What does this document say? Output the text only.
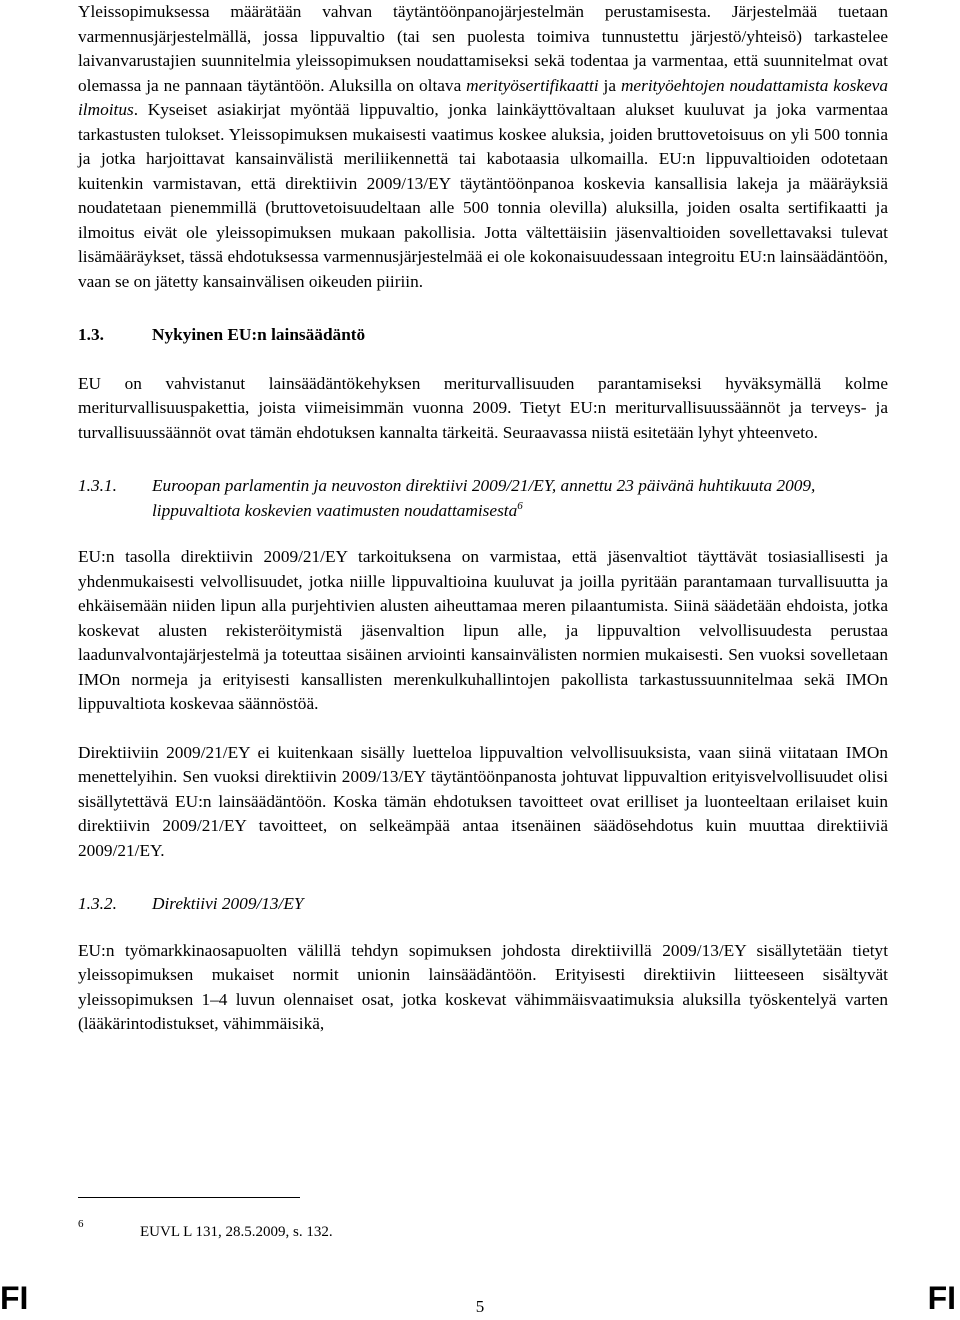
Yleissopimuksessa määrätään vahvan täytäntöönpanojärjestelmän perustamisesta. Järjestelmää tuetaan varmennusjärjestelmällä, jossa lippuvaltio (tai sen puolesta toimiva tunnustettu järjestö/yhteisö) tarkastelee laivanvarustajien suunnitelmia yleissopimuksen noudattamiseksi sekä todentaa ja varmentaa, että suunnitelmat ovat olemassa ja ne pannaan täytäntöön. Aluksilla on oltava merityösertifikaatti ja merityöehtojen noudattamista koskeva ilmoitus. Kyseiset asiakirjat myöntää lippuvaltio, jonka lainkäyttövaltaan alukset kuuluvat ja joka varmentaa tarkastusten tulokset. Yleissopimuksen mukaisesti vaatimus koskee aluksia, joiden bruttovetoisuus on yli 500 tonnia ja jotka harjoittavat kansainvälistä meriliikennettä tai kabotaasia ulkomailla. EU:n lippuvaltioiden odotetaan kuitenkin varmistavan, että direktiivin 2009/13/EY täytäntöönpanoa koskevia kansallisia lakeja ja määräyksiä noudatetaan pienemmillä (bruttovetoisuudeltaan alle 500 tonnia olevilla) aluksilla, joiden osalta sertifikaatti ja ilmoitus eivät ole yleissopimuksen mukaan pakollisia. Jotta vältettäisiin jäsenvaltioiden sovellettavaksi tulevat lisämääräykset, tässä ehdotuksessa varmennusjärjestelmää ei ole kokonaisuudessaan integroitu EU:n lainsäädäntöön, vaan se on jätetty kansainvälisen oikeuden piiriin.

1.3.	Nykyinen EU:n lainsäädäntö

EU on vahvistanut lainsäädäntökehyksen meriturvallisuuden parantamiseksi hyväksymällä kolme meriturvallisuuspakettia, joista viimeisimmän vuonna 2009. Tietyt EU:n meriturvallisuussäännöt ja terveys- ja turvallisuussäännöt ovat tämän ehdotuksen kannalta tärkeitä. Seuraavassa niistä esitetään lyhyt yhteenveto.

1.3.1.	Euroopan parlamentin ja neuvoston direktiivi 2009/21/EY, annettu 23 päivänä huhtikuuta 2009, lippuvaltiota koskevien vaatimusten noudattamisesta$^6$

EU:n tasolla direktiivin 2009/21/EY tarkoituksena on varmistaa, että jäsenvaltiot täyttävät tosiasiallisesti ja yhdenmukaisesti velvollisuudet, jotka niille lippuvaltioina kuuluvat ja joilla pyritään parantamaan turvallisuutta ja ehkäisemään niiden lipun alla purjehtivien alusten aiheuttamaa meren pilaantumista. Siinä säädetään ehdoista, jotka koskevat alusten rekisteröitymistä jäsenvaltion lipun alle, ja lippuvaltion velvollisuudesta perustaa laadunvalvontajärjestelmä ja toteuttaa sisäinen arviointi kansainvälisten normien mukaisesti. Sen vuoksi sovelletaan IMOn normeja ja erityisesti kansallisten merenkulkuhallintojen pakollista tarkastussuunnitelmaa sekä IMOn lippuvaltiota koskevaa säännöstöä.

Direktiiviin 2009/21/EY ei kuitenkaan sisälly luetteloa lippuvaltion velvollisuuksista, vaan siinä viitataan IMOn menettelyihin. Sen vuoksi direktiivin 2009/13/EY täytäntöönpanosta johtuvat lippuvaltion erityisvelvollisuudet olisi sisällytettävä EU:n lainsäädäntöön. Koska tämän ehdotuksen tavoitteet ovat erilliset ja luonteeltaan erilaiset kuin direktiivin 2009/21/EY tavoitteet, on selkeämpää antaa itsenäinen säädösehdotus kuin muuttaa direktiiviä 2009/21/EY.

1.3.2.	Direktiivi 2009/13/EY

EU:n työmarkkinaosapuolten välillä tehdyn sopimuksen johdosta direktiivillä 2009/13/EY sisällytetään tietyt yleissopimuksen mukaiset normit unionin lainsäädäntöön. Erityisesti direktiivin liitteeseen sisältyvät yleissopimuksen 1–4 luvun olennaiset osat, jotka koskevat vähimmäisvaatimuksia aluksilla työskentelyä varten (lääkärintodistukset, vähimmäisikä,

6	EUVL L 131, 28.5.2009, s. 132.
FI	5	FI
